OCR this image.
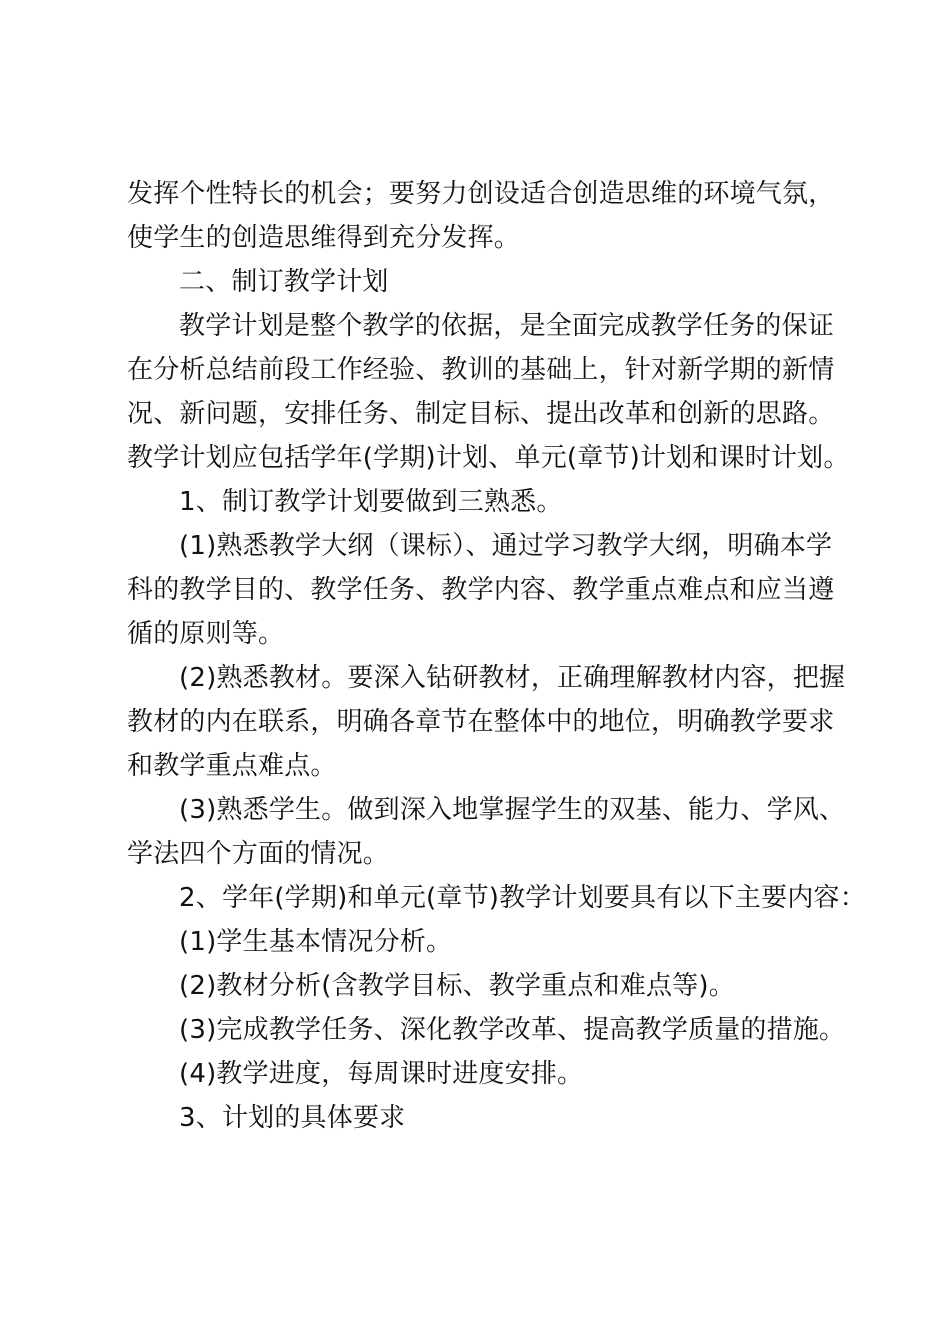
发挥个性特长的机会；要努力创设适合创造思维的环境气氛，
使学生的创造思维得到充分发挥。
二、制订教学计划
教学计划是整个教学的依据，是全面完成教学任务的保证
在分析总结前段工作经验、教训的基础上，针对新学期的新情
况、新问题，安排任务、制定目标、提出改革和创新的思路。
教学计划应包括学年(学期)计划、单元(章节)计划和课时计划。
1、制订教学计划要做到三熟悉。
(1)熟悉教学大纲（课标）、通过学习教学大纲，明确本学
科的教学目的、教学任务、教学内容、教学重点难点和应当遵
循的原则等。
(2)熟悉教材。要深入钻研教材，正确理解教材内容，把握
教材的内在联系，明确各章节在整体中的地位，明确教学要求
和教学重点难点。
(3)熟悉学生。做到深入地掌握学生的双基、能力、学风、
学法四个方面的情况。
2、学年(学期)和单元(章节)教学计划要具有以下主要内容：
(1)学生基本情况分析。
(2)教材分析(含教学目标、教学重点和难点等)。
(3)完成教学任务、深化教学改革、提高教学质量的措施。
(4)教学进度，每周课时进度安排。
3、计划的具体要求
